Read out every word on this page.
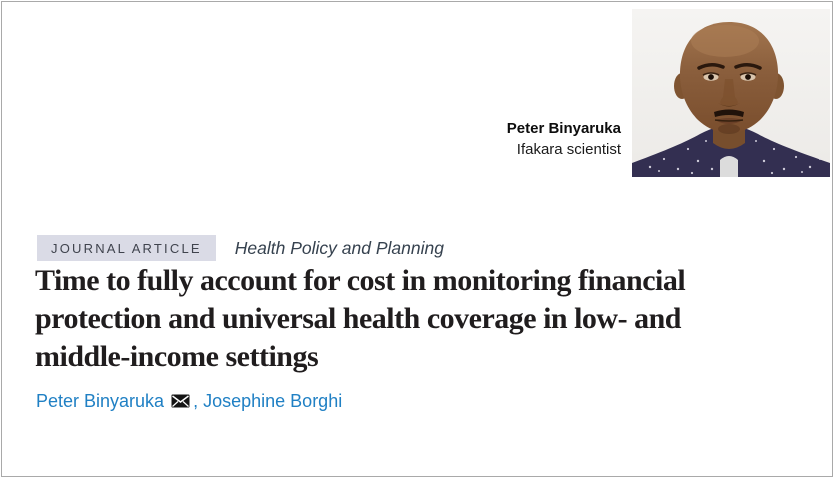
Peter Binyaruka
Ifakara scientist
JOURNAL ARTICLE	Health Policy and Planning
Time to fully account for cost in monitoring financial
protection and universal health coverage in low- and
middle-income settings
Peter Binyaruka , Josephine Borghi
